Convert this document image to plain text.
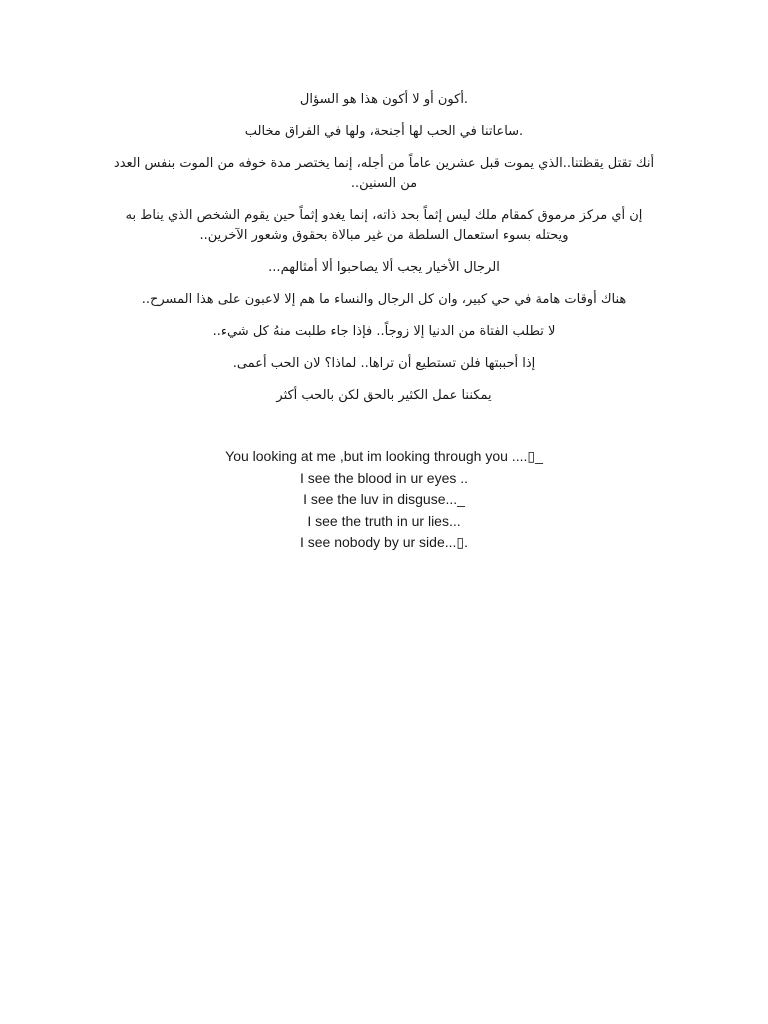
.أكون أو لا أكون هذا هو السؤال

.ساعاتنا في الحب لها أجنحة، ولها في الفراق مخالب

أنك تقتل يقظتنا..الذي يموت قبل عشرين عاماً من أجله، إنما يختصر مدة خوفه من الموت بنفس العدد من السنين..

إن أي مركز مرموق كمقام ملك ليس إثماً بحد ذاته، إنما يغدو إثماً حين يقوم الشخص الذي يناط به ويحتله بسوء استعمال السلطة من غير مبالاة بحقوق وشعور الآخرين..

الرجال الأخيار يجب ألا يصاحبوا ألا أمثالهم...

هناك أوقات هامة في حي كبير، وان كل الرجال والنساء ما هم إلا لاعبون على هذا المسرح..

لا تطلب الفتاة من الدنيا إلا زوجاً.. فإذا جاء طلبت منهُ كل شيء..

إذا أحببتها فلن تستطيع أن تراها.. لماذا؟ لان الحب أعمى.

يمكننا عمل الكثير بالحق لكن بالحب أكثر

You looking at me ,but im looking through you ....▯_
I see the blood in ur eyes ..
I see the luv in disguse..._
I see the truth in ur lies...
I see nobody by ur side...▯.
